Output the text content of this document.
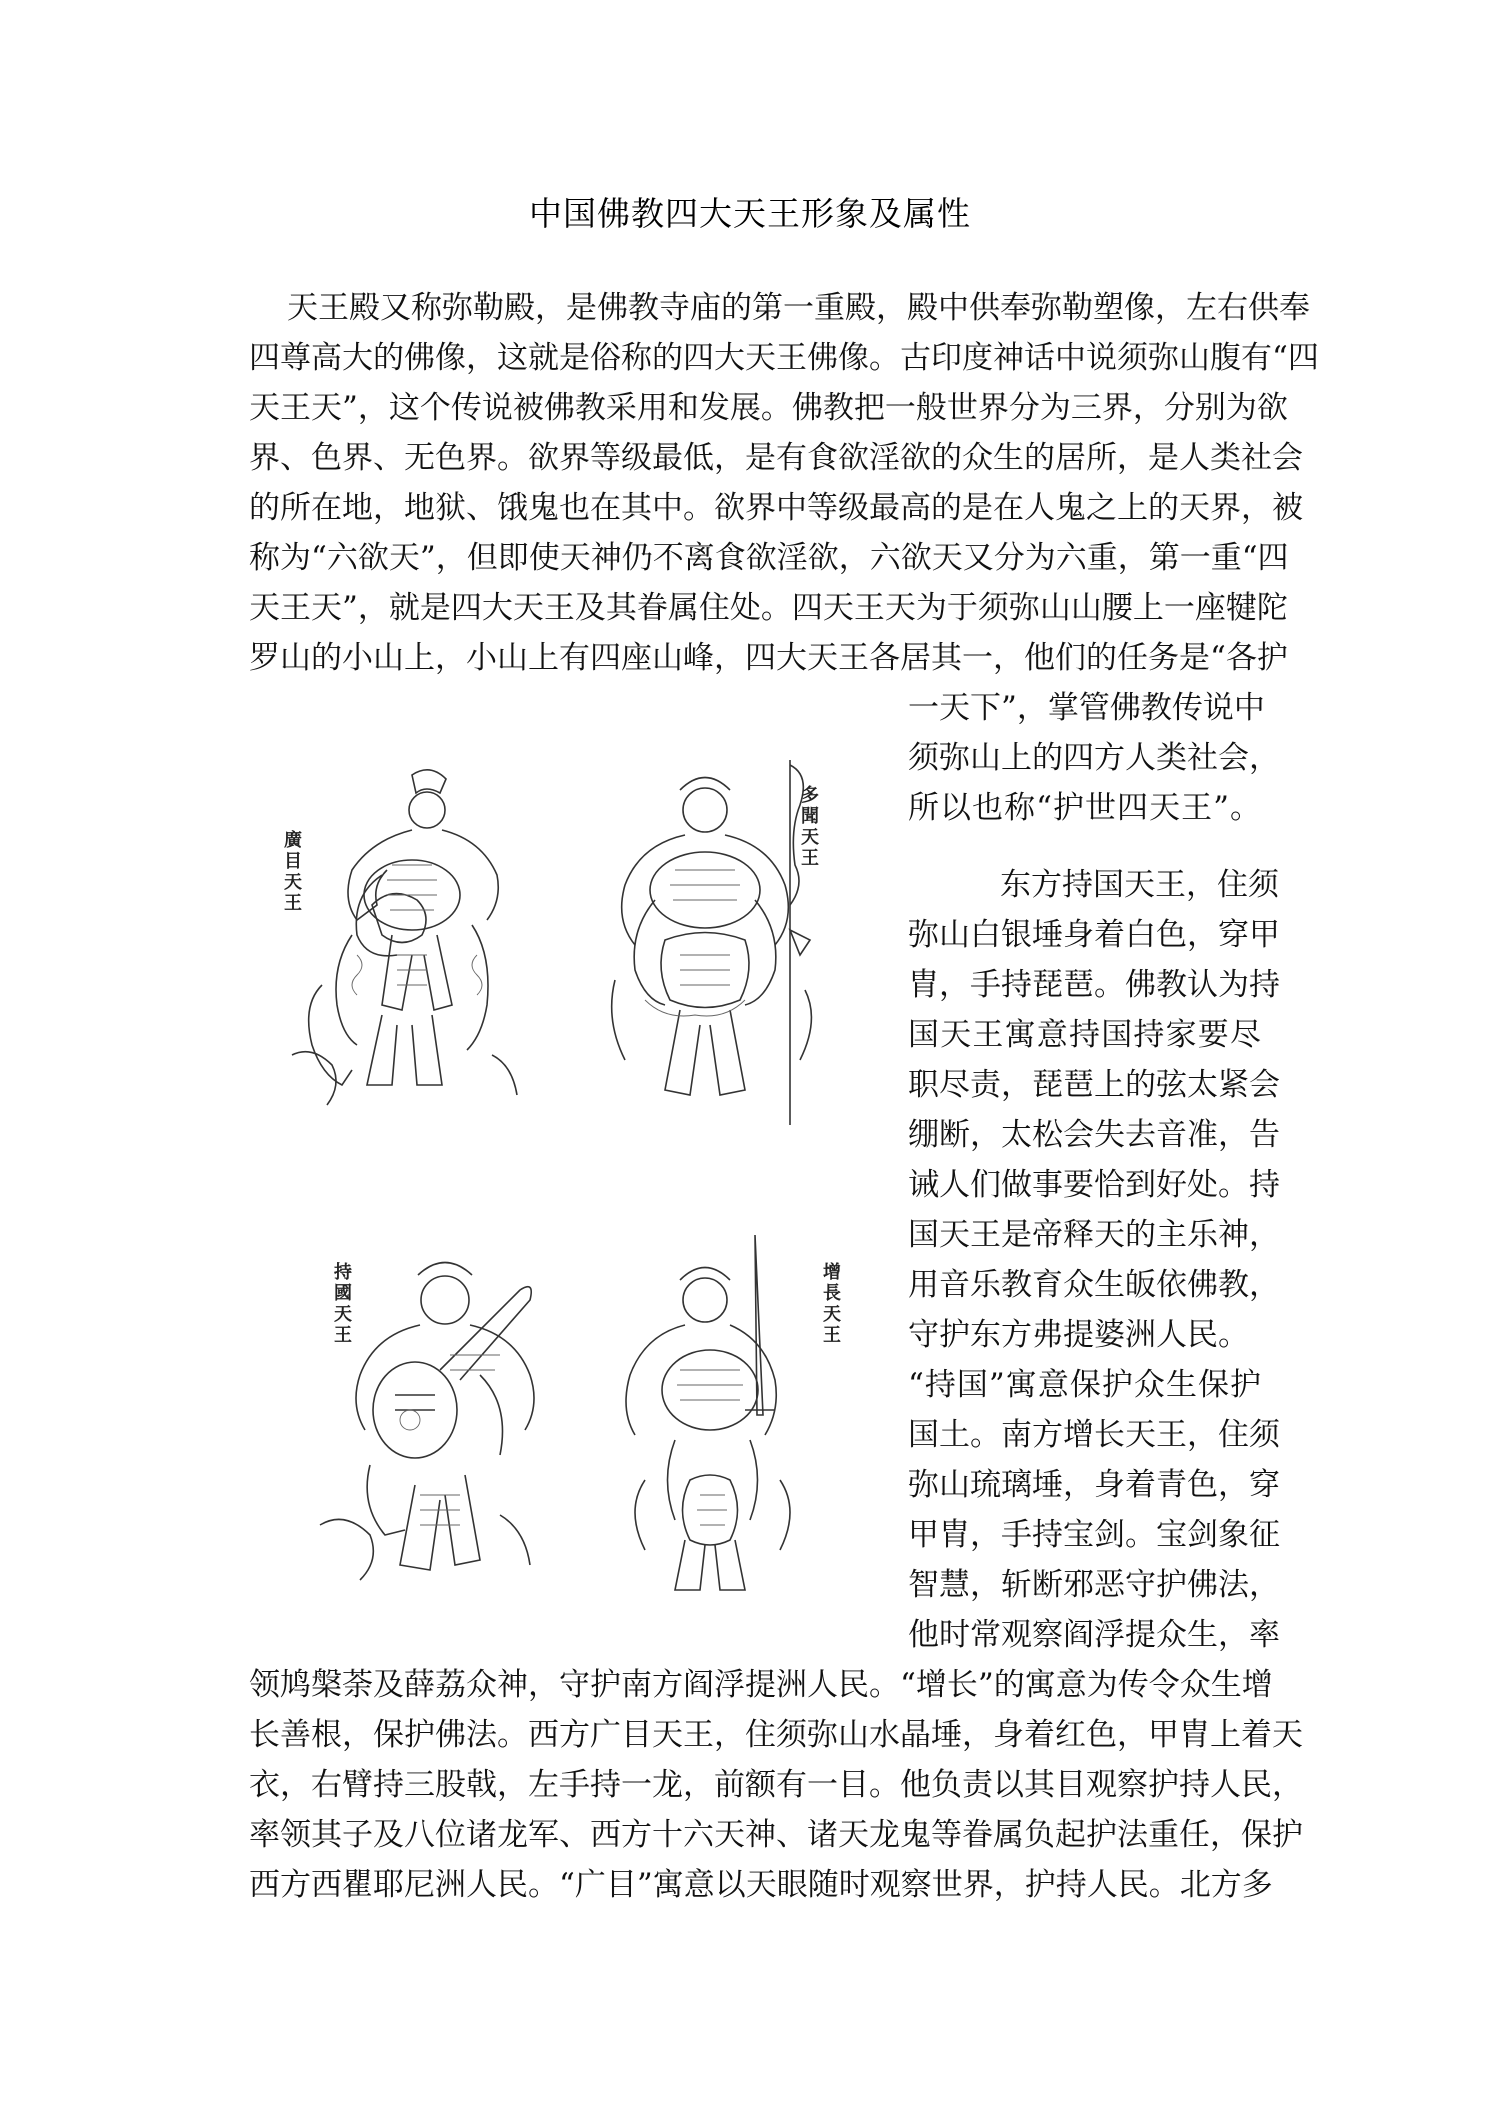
中国佛教四大天王形象及属性
天王殿又称弥勒殿，是佛教寺庙的第一重殿，殿中供奉弥勒塑像，左右供奉
四尊高大的佛像，这就是俗称的四大天王佛像。古印度神话中说须弥山腹有“四
天王天”，这个传说被佛教采用和发展。佛教把一般世界分为三界，分别为欲
界、色界、无色界。欲界等级最低，是有食欲淫欲的众生的居所，是人类社会
的所在地，地狱、饿鬼也在其中。欲界中等级最高的是在人鬼之上的天界，被
称为“六欲天”，但即使天神仍不离食欲淫欲，六欲天又分为六重，第一重“四
天王天”，就是四大天王及其眷属住处。四天王天为于须弥山山腰上一座犍陀
罗山的小山上，小山上有四座山峰，四大天王各居其一，他们的任务是“各护
一天下”，掌管佛教传说中
须弥山上的四方人类社会，
所以也称“护世四天王”。
东方持国天王，住须
弥山白银埵身着白色，穿甲
胄，手持琵琶。佛教认为持
国天王寓意持国持家要尽
职尽责，琵琶上的弦太紧会
绷断，太松会失去音准，告
诫人们做事要恰到好处。持
国天王是帝释天的主乐神，
用音乐教育众生皈依佛教，
守护东方弗提婆洲人民。
“持国”寓意保护众生保护
国土。南方增长天王，住须
弥山琉璃埵，身着青色，穿
甲胄，手持宝剑。宝剑象征
智慧，斩断邪恶守护佛法，
他时常观察阎浮提众生，率
领鸠槃荼及薛荔众神，守护南方阎浮提洲人民。“增长”的寓意为传令众生增
长善根，保护佛法。西方广目天王，住须弥山水晶埵，身着红色，甲胄上着天
衣，右臂持三股戟，左手持一龙，前额有一目。他负责以其目观察护持人民，
率领其子及八位诸龙军、西方十六天神、诸天龙鬼等眷属负起护法重任，保护
西方西瞿耶尼洲人民。“广目”寓意以天眼随时观察世界，护持人民。北方多
廣目天王
多聞天王
持國天王
增長天王
